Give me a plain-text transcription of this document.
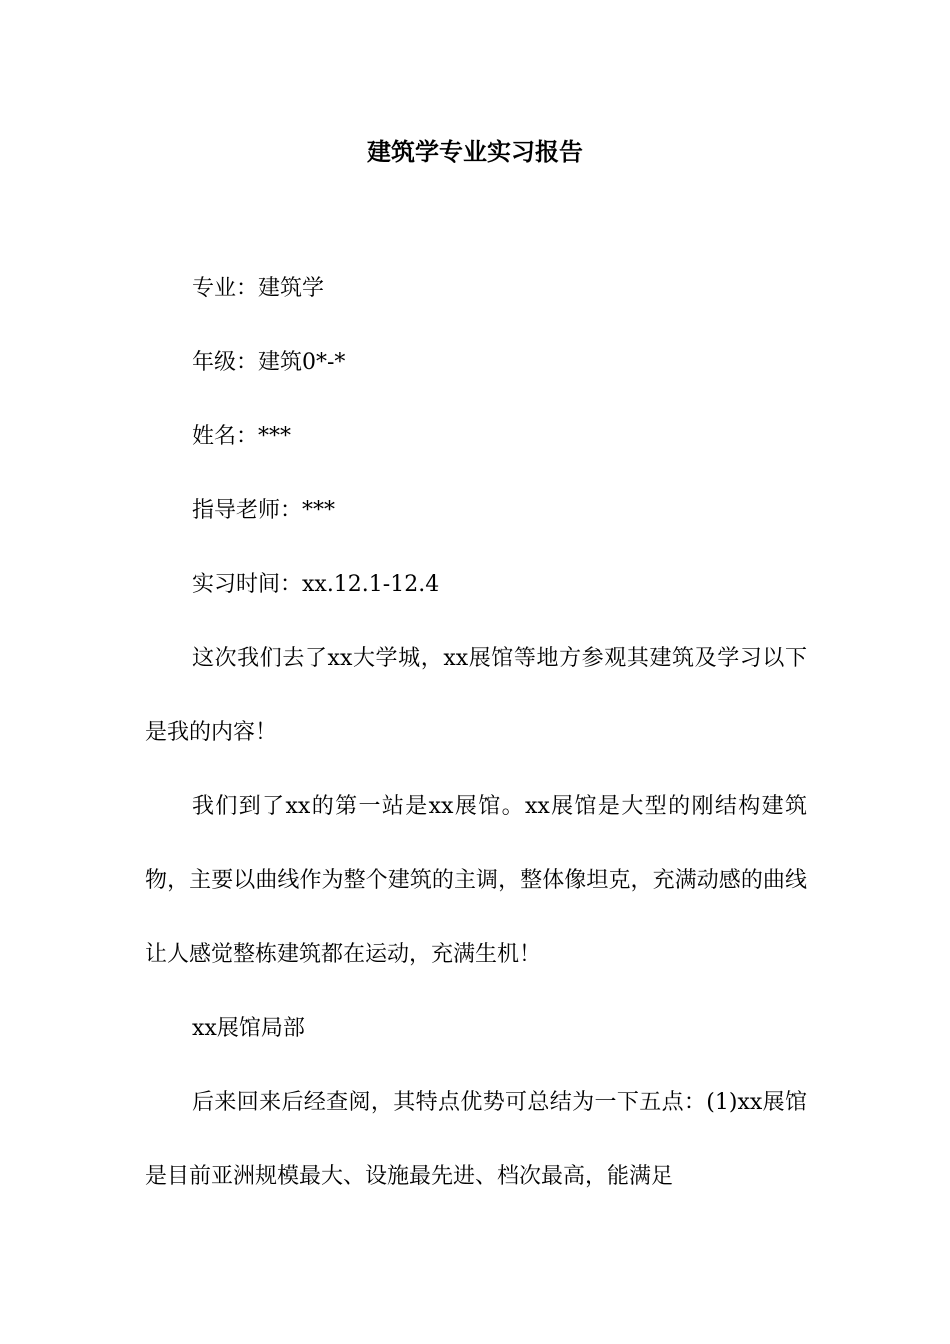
建筑学专业实习报告

专业：建筑学

年级：建筑0*-*

姓名：***

指导老师：***

实习时间：xx.12.1-12.4

这次我们去了xx大学城，xx展馆等地方参观其建筑及学习以下是我的内容！

我们到了xx的第一站是xx展馆。xx展馆是大型的刚结构建筑物，主要以曲线作为整个建筑的主调，整体像坦克，充满动感的曲线让人感觉整栋建筑都在运动，充满生机！

xx展馆局部

后来回来后经查阅，其特点优势可总结为一下五点：(1)xx展馆是目前亚洲规模最大、设施最先进、档次最高，能满足
